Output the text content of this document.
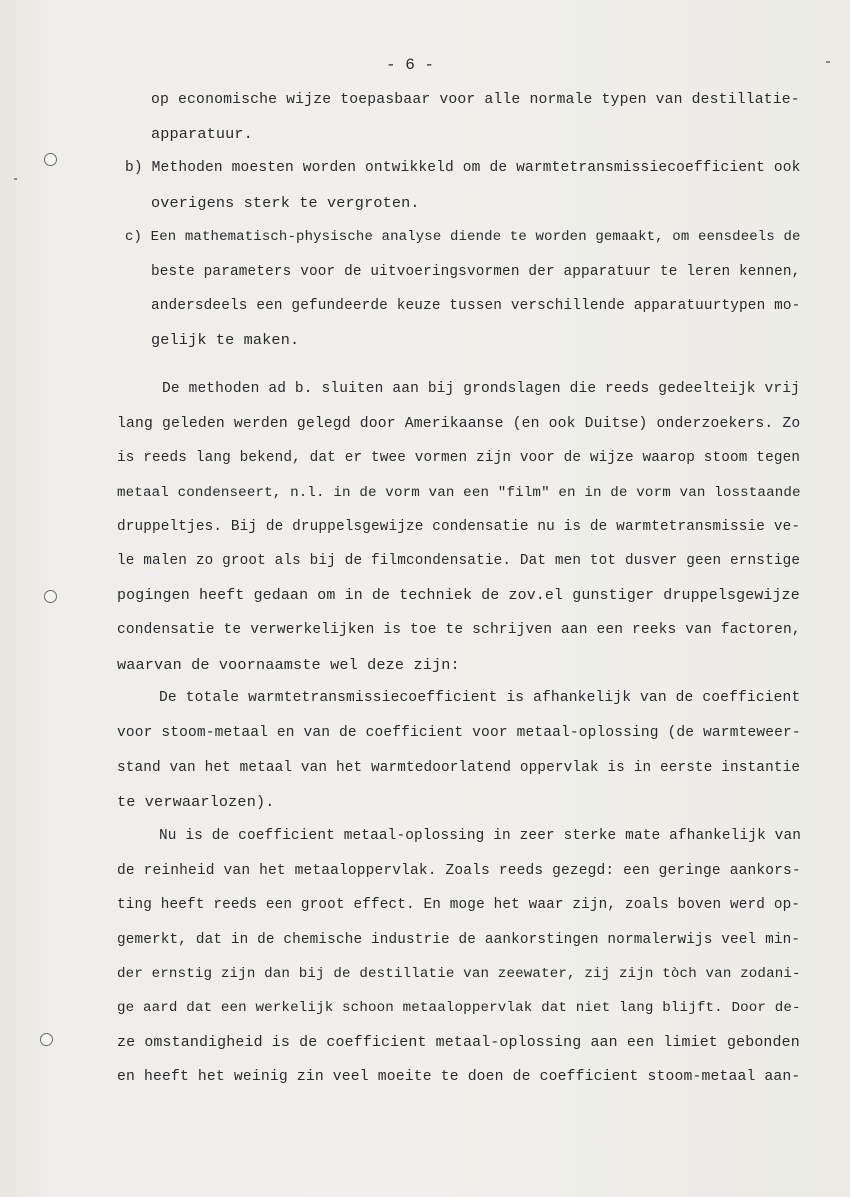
- 6 -
op economische wijze toepasbaar voor alle normale typen van destillatie-
apparatuur.
b) Methoden moesten worden ontwikkeld om de warmtetransmissiecoefficient ook
overigens sterk te vergroten.
c) Een mathematisch-physische analyse diende te worden gemaakt, om eensdeels de
beste parameters voor de uitvoeringsvormen der apparatuur te leren kennen,
andersdeels een gefundeerde keuze tussen verschillende apparatuurtypen mo-
gelijk te maken.
De methoden ad b. sluiten aan bij grondslagen die reeds gedeelteijk vrij
lang geleden werden gelegd door Amerikaanse (en ook Duitse) onderzoekers. Zo
is reeds lang bekend, dat er twee vormen zijn voor de wijze waarop stoom tegen
metaal condenseert, n.l. in de vorm van een "film" en in de vorm van losstaande
druppeltjes. Bij de druppelsgewijze condensatie nu is de warmtetransmissie ve-
le malen zo groot als bij de filmcondensatie. Dat men tot dusver geen ernstige
pogingen heeft gedaan om in de techniek de zov.el gunstiger druppelsgewijze
condensatie te verwerkelijken is toe te schrijven aan een reeks van factoren,
waarvan de voornaamste wel deze zijn:
De totale warmtetransmissiecoefficient is afhankelijk van de coefficient
voor stoom-metaal en van de coefficient voor metaal-oplossing (de warmteweer-
stand van het metaal van het warmtedoorlatend oppervlak is in eerste instantie
te verwaarlozen).
Nu is de coefficient metaal-oplossing in zeer sterke mate afhankelijk van
de reinheid van het metaaloppervlak. Zoals reeds gezegd: een geringe aankors-
ting heeft reeds een groot effect. En moge het waar zijn, zoals boven werd op-
gemerkt, dat in de chemische industrie de aankorstingen normalerwijs veel min-
der ernstig zijn dan bij de destillatie van zeewater, zij zijn tòch van zodani-
ge aard dat een werkelijk schoon metaaloppervlak dat niet lang blijft. Door de-
ze omstandigheid is de coefficient metaal-oplossing aan een limiet gebonden
en heeft het weinig zin veel moeite te doen de coefficient stoom-metaal aan-
